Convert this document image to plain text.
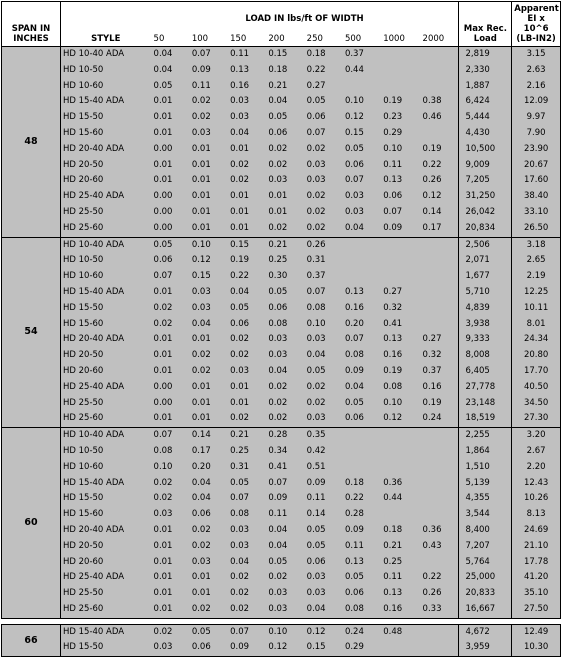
SPAN IN INCHES	STYLE	LOAD IN lbs/ft OF WIDTH								Max Rec. Load	Apparent EI x 10^6 (LB-IN2)
		50	100	150	200	250	500	1000	2000		
48	HD 10-40 ADA	0.04	0.07	0.11	0.15	0.18	0.37			2,819	3.15
	HD 10-50	0.04	0.09	0.13	0.18	0.22	0.44			2,330	2.63
	HD 10-60	0.05	0.11	0.16	0.21	0.27				1,887	2.16
	HD 15-40 ADA	0.01	0.02	0.03	0.04	0.05	0.10	0.19	0.38	6,424	12.09
	HD 15-50	0.01	0.02	0.03	0.05	0.06	0.12	0.23	0.46	5,444	9.97
	HD 15-60	0.01	0.03	0.04	0.06	0.07	0.15	0.29		4,430	7.90
	HD 20-40 ADA	0.00	0.01	0.01	0.02	0.02	0.05	0.10	0.19	10,500	23.90
	HD 20-50	0.01	0.01	0.02	0.02	0.03	0.06	0.11	0.22	9,009	20.67
	HD 20-60	0.01	0.01	0.02	0.03	0.03	0.07	0.13	0.26	7,205	17.60
	HD 25-40 ADA	0.00	0.01	0.01	0.01	0.02	0.03	0.06	0.12	31,250	38.40
	HD 25-50	0.00	0.01	0.01	0.01	0.02	0.03	0.07	0.14	26,042	33.10
	HD 25-60	0.00	0.01	0.01	0.02	0.02	0.04	0.09	0.17	20,834	26.50
54	HD 10-40 ADA	0.05	0.10	0.15	0.21	0.26				2,506	3.18
	HD 10-50	0.06	0.12	0.19	0.25	0.31				2,071	2.65
	HD 10-60	0.07	0.15	0.22	0.30	0.37				1,677	2.19
	HD 15-40 ADA	0.01	0.03	0.04	0.05	0.07	0.13	0.27		5,710	12.25
	HD 15-50	0.02	0.03	0.05	0.06	0.08	0.16	0.32		4,839	10.11
	HD 15-60	0.02	0.04	0.06	0.08	0.10	0.20	0.41		3,938	8.01
	HD 20-40 ADA	0.01	0.01	0.02	0.03	0.03	0.07	0.13	0.27	9,333	24.34
	HD 20-50	0.01	0.02	0.02	0.03	0.04	0.08	0.16	0.32	8,008	20.80
	HD 20-60	0.01	0.02	0.03	0.04	0.05	0.09	0.19	0.37	6,405	17.70
	HD 25-40 ADA	0.00	0.01	0.01	0.02	0.02	0.04	0.08	0.16	27,778	40.50
	HD 25-50	0.00	0.01	0.01	0.02	0.02	0.05	0.10	0.19	23,148	34.50
	HD 25-60	0.01	0.01	0.02	0.02	0.03	0.06	0.12	0.24	18,519	27.30
60	HD 10-40 ADA	0.07	0.14	0.21	0.28	0.35				2,255	3.20
	HD 10-50	0.08	0.17	0.25	0.34	0.42				1,864	2.67
	HD 10-60	0.10	0.20	0.31	0.41	0.51				1,510	2.20
	HD 15-40 ADA	0.02	0.04	0.05	0.07	0.09	0.18	0.36		5,139	12.43
	HD 15-50	0.02	0.04	0.07	0.09	0.11	0.22	0.44		4,355	10.26
	HD 15-60	0.03	0.06	0.08	0.11	0.14	0.28			3,544	8.13
	HD 20-40 ADA	0.01	0.02	0.03	0.04	0.05	0.09	0.18	0.36	8,400	24.69
	HD 20-50	0.01	0.02	0.03	0.04	0.05	0.11	0.21	0.43	7,207	21.10
	HD 20-60	0.01	0.03	0.04	0.05	0.06	0.13	0.25		5,764	17.78
	HD 25-40 ADA	0.01	0.01	0.02	0.02	0.03	0.05	0.11	0.22	25,000	41.20
	HD 25-50	0.01	0.01	0.02	0.03	0.03	0.06	0.13	0.26	20,833	35.10
	HD 25-60	0.01	0.02	0.02	0.03	0.04	0.08	0.16	0.33	16,667	27.50

66	HD 15-40 ADA	0.02	0.05	0.07	0.10	0.12	0.24	0.48		4,672	12.49
	HD 15-50	0.03	0.06	0.09	0.12	0.15	0.29			3,959	10.30
